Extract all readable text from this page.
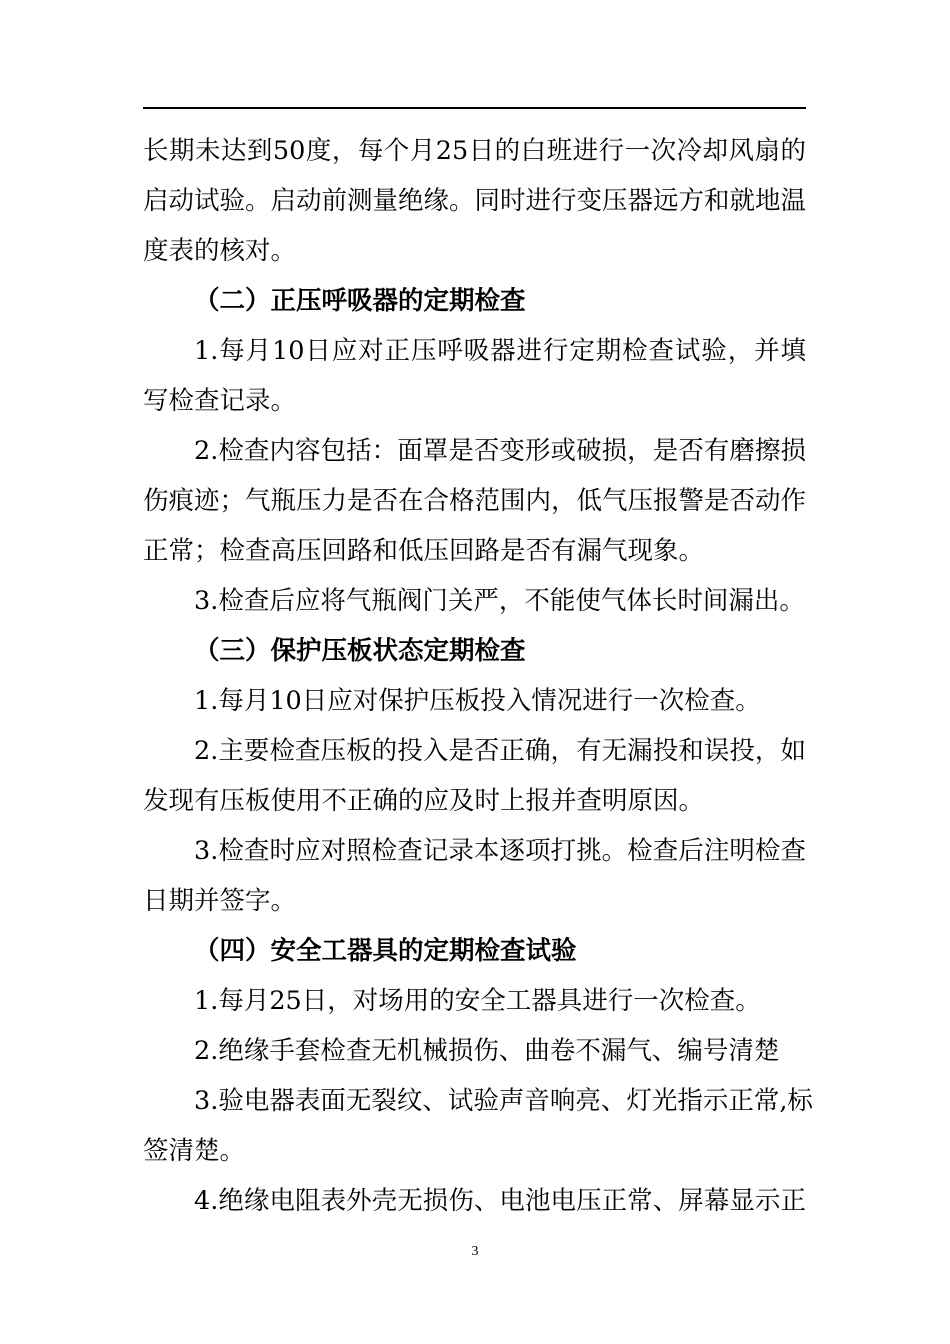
长期未达到50度，每个月25日的白班进行一次冷却风扇的
启动试验。启动前测量绝缘。同时进行变压器远方和就地温
度表的核对。
（二）正压呼吸器的定期检查
1.每月10日应对正压呼吸器进行定期检查试验，并填
写检查记录。
2.检查内容包括：面罩是否变形或破损，是否有磨擦损
伤痕迹；气瓶压力是否在合格范围内，低气压报警是否动作
正常；检查高压回路和低压回路是否有漏气现象。
3.检查后应将气瓶阀门关严，不能使气体长时间漏出。
（三）保护压板状态定期检查
1.每月10日应对保护压板投入情况进行一次检查。
2.主要检查压板的投入是否正确，有无漏投和误投，如
发现有压板使用不正确的应及时上报并查明原因。
3.检查时应对照检查记录本逐项打挑。检查后注明检查
日期并签字。
（四）安全工器具的定期检查试验
1.每月25日，对场用的安全工器具进行一次检查。
2.绝缘手套检查无机械损伤、曲卷不漏气、编号清楚
3.验电器表面无裂纹、试验声音响亮、灯光指示正常,标
签清楚。
4.绝缘电阻表外壳无损伤、电池电压正常、屏幕显示正
3
